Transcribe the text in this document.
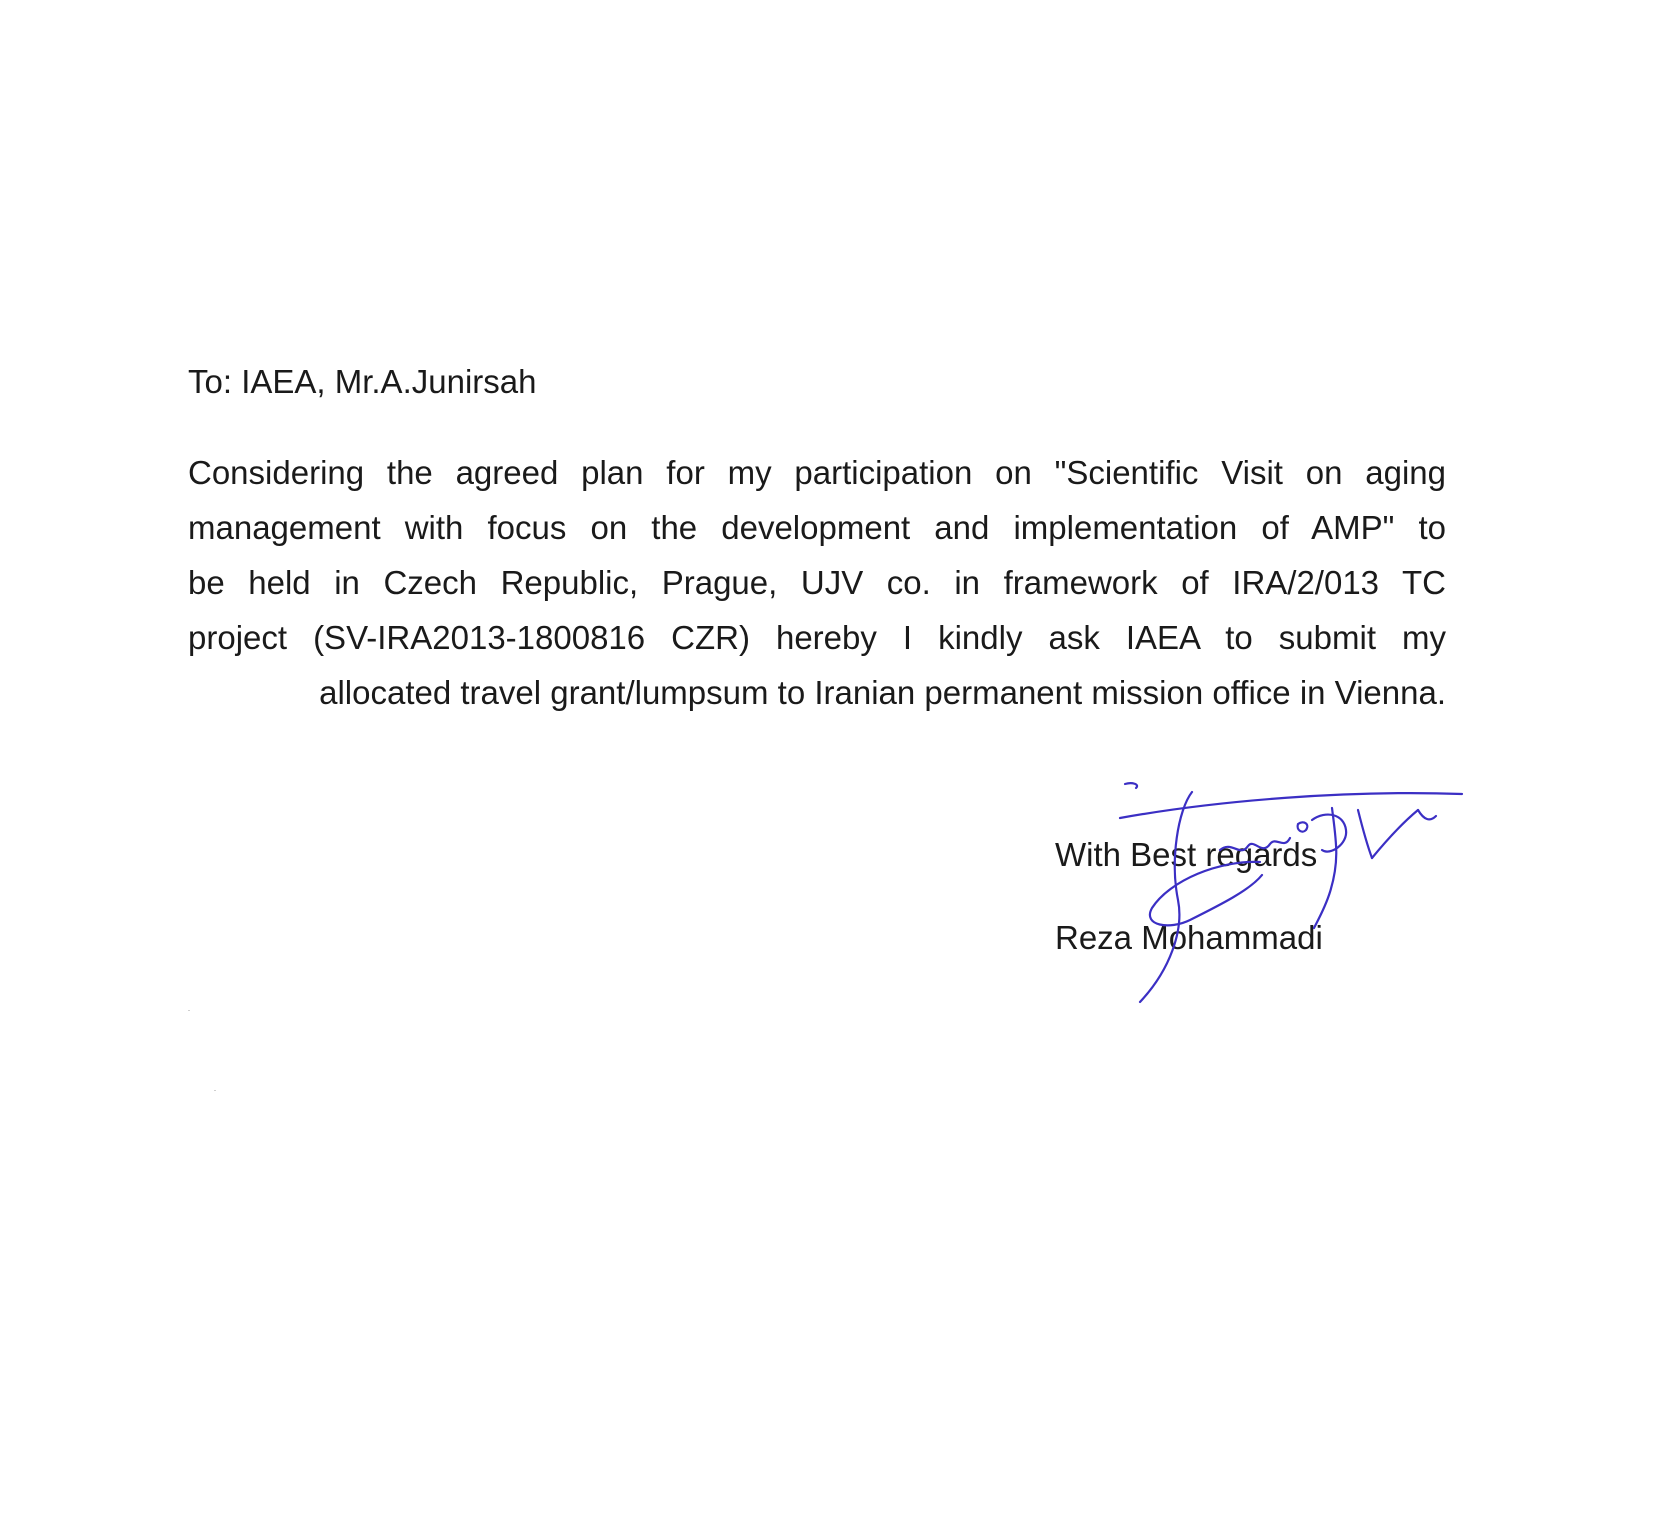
To: IAEA, Mr.A.Junirsah
Considering the agreed plan for my participation on "Scientific Visit on aging
management with focus on the development and implementation of AMP" to
be held in Czech Republic, Prague, UJV co. in framework of IRA/2/013 TC
project (SV-IRA2013-1800816 CZR) hereby I kindly ask IAEA to submit my
allocated travel grant/lumpsum to Iranian permanent mission office in Vienna.
With Best regards
Reza Mohammadi
